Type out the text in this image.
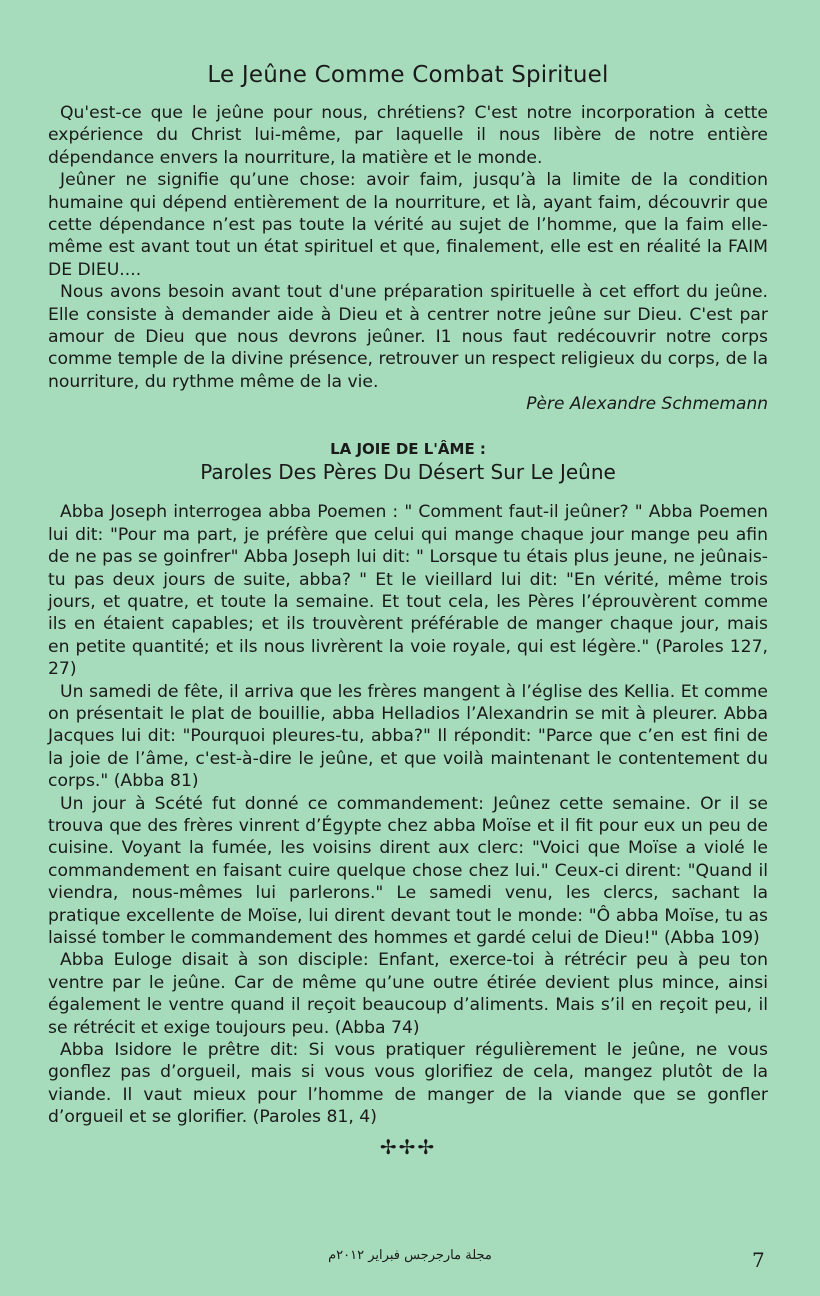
Le Jeûne Comme Combat Spirituel

Qu'est-ce que le jeûne pour nous, chrétiens? C'est notre incorporation à cette expérience du Christ lui-même, par laquelle il nous libère de notre entière dépendance envers la nourriture, la matière et le monde.

Jeûner ne signifie qu’une chose: avoir faim, jusqu’à la limite de la condition humaine qui dépend entièrement de la nourriture, et là, ayant faim, découvrir que cette dépendance n’est pas toute la vérité au sujet de l’homme, que la faim elle-même est avant tout un état spirituel et que, finalement, elle est en réalité la FAIM DE DIEU....

Nous avons besoin avant tout d'une préparation spirituelle à cet effort du jeûne. Elle consiste à demander aide à Dieu et à centrer notre jeûne sur Dieu. C'est par amour de Dieu que nous devrons jeûner. I1 nous faut redécouvrir notre corps comme temple de la divine présence, retrouver un respect religieux du corps, de la nourriture, du rythme même de la vie.

Père Alexandre Schmemann
LA JOIE DE L'ÂME :
Paroles Des Pères Du Désert Sur Le Jeûne

Abba Joseph interrogea abba Poemen : " Comment faut-il jeûner? " Abba Poemen lui dit: "Pour ma part, je préfère que celui qui mange chaque jour mange peu afin de ne pas se goinfrer" Abba Joseph lui dit: " Lorsque tu étais plus jeune, ne jeûnais-tu pas deux jours de suite, abba? " Et le vieillard lui dit: "En vérité, même trois jours, et quatre, et toute la semaine. Et tout cela, les Pères l’éprouvèrent comme ils en étaient capables; et ils trouvèrent préférable de manger chaque jour, mais en petite quantité; et ils nous livrèrent la voie royale, qui est légère." (Paroles 127, 27)

Un samedi de fête, il arriva que les frères mangent à l’église des Kellia. Et comme on présentait le plat de bouillie, abba Helladios l’Alexandrin se mit à pleurer. Abba Jacques lui dit: "Pourquoi pleures-tu, abba?" Il répondit: "Parce que c’en est fini de la joie de l’âme, c'est-à-dire le jeûne, et que voilà maintenant le contentement du corps." (Abba 81)

Un jour à Scété fut donné ce commandement: Jeûnez cette semaine. Or il se trouva que des frères vinrent d’Égypte chez abba Moïse et il fit pour eux un peu de cuisine. Voyant la fumée, les voisins dirent aux clerc: "Voici que Moïse a violé le commandement en faisant cuire quelque chose chez lui." Ceux-ci dirent: "Quand il viendra, nous-mêmes lui parlerons." Le samedi venu, les clercs, sachant la pratique excellente de Moïse, lui dirent devant tout le monde: "Ô abba Moïse, tu as laissé tomber le commandement des hommes et gardé celui de Dieu!" (Abba 109)

Abba Euloge disait à son disciple: Enfant, exerce-toi à rétrécir peu à peu ton ventre par le jeûne. Car de même qu’une outre étirée devient plus mince, ainsi également le ventre quand il reçoit beaucoup d’aliments. Mais s’il en reçoit peu, il se rétrécit et exige toujours peu. (Abba 74)

Abba Isidore le prêtre dit: Si vous pratiquer régulièrement le jeûne, ne vous gonflez pas d’orgueil, mais si vous vous glorifiez de cela, mangez plutôt de la viande. Il vaut mieux pour l’homme de manger de la viande que se gonfler d’orgueil et se glorifier. (Paroles 81, 4)

✢✢✢
مجلة مارجرجس فبراير ٢٠١٢م	7
